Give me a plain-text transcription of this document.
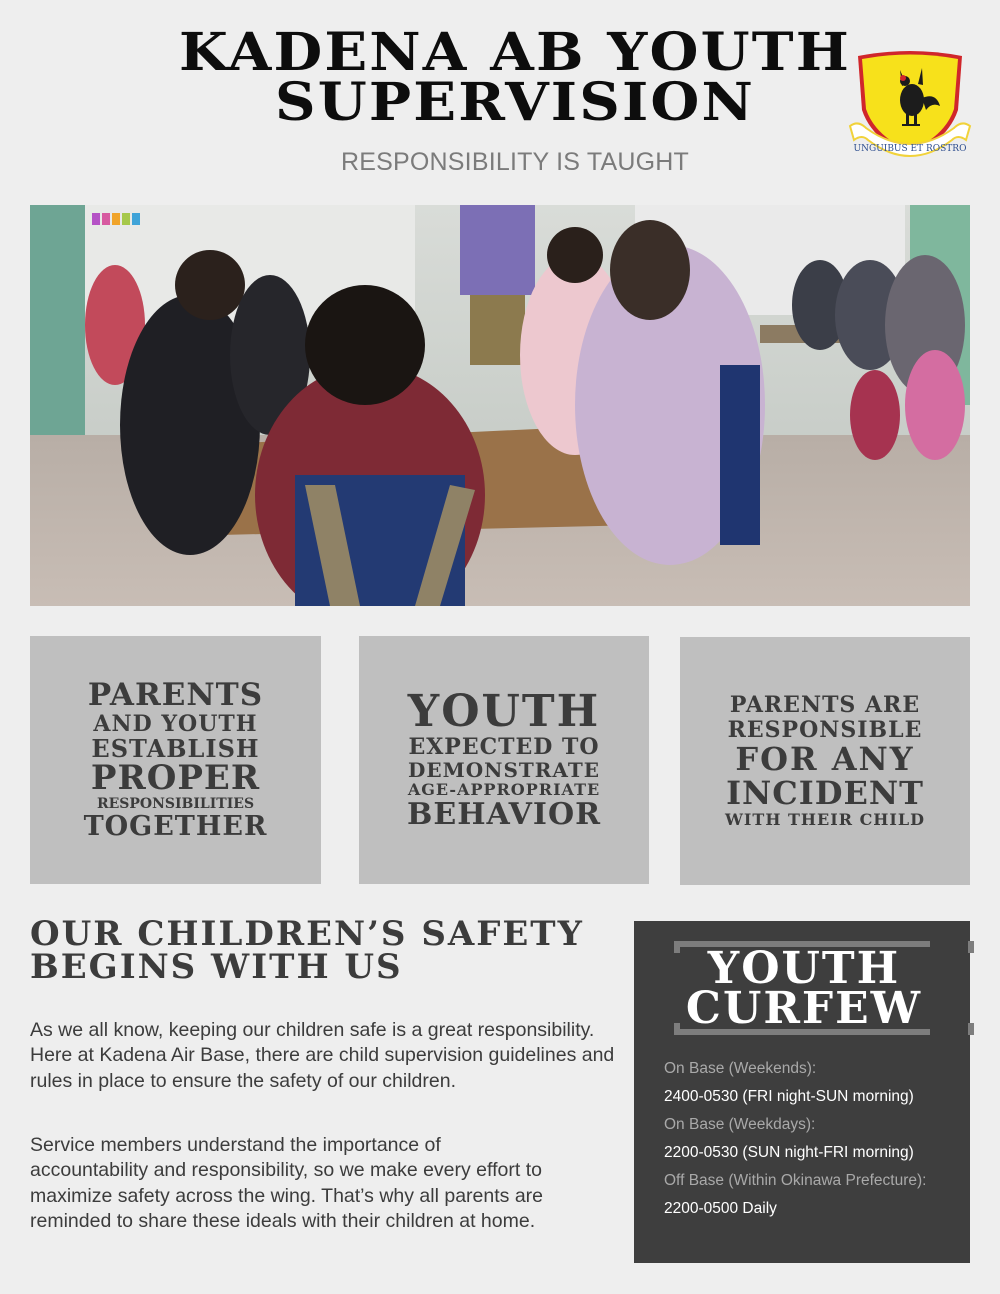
KADENA AB YOUTH
SUPERVISION
RESPONSIBILITY IS TAUGHT	UNGUIBUS ET ROSTRO
PARENTS
AND YOUTH
ESTABLISH
PROPER
RESPONSIBILITIES
TOGETHER
YOUTH
EXPECTED TO
DEMONSTRATE
AGE-APPROPRIATE
BEHAVIOR
PARENTS ARE
RESPONSIBLE
FOR ANY
INCIDENT
WITH THEIR CHILD
OUR CHILDREN’S SAFETY
BEGINS WITH US

As we all know, keeping our children safe is a great responsibility. Here at Kadena Air Base, there are child supervision guidelines and rules in place to ensure the safety of our children.

Service members understand the importance of accountability and responsibility, so we make every effort to maximize safety across the wing. That’s why all parents are reminded to share these ideals with their children at home.

YOUTH
CURFEW
On Base (Weekends):
2400-0530 (FRI night-SUN morning)
On Base (Weekdays):
2200-0530 (SUN night-FRI morning)
Off Base (Within Okinawa Prefecture):
2200-0500 Daily
